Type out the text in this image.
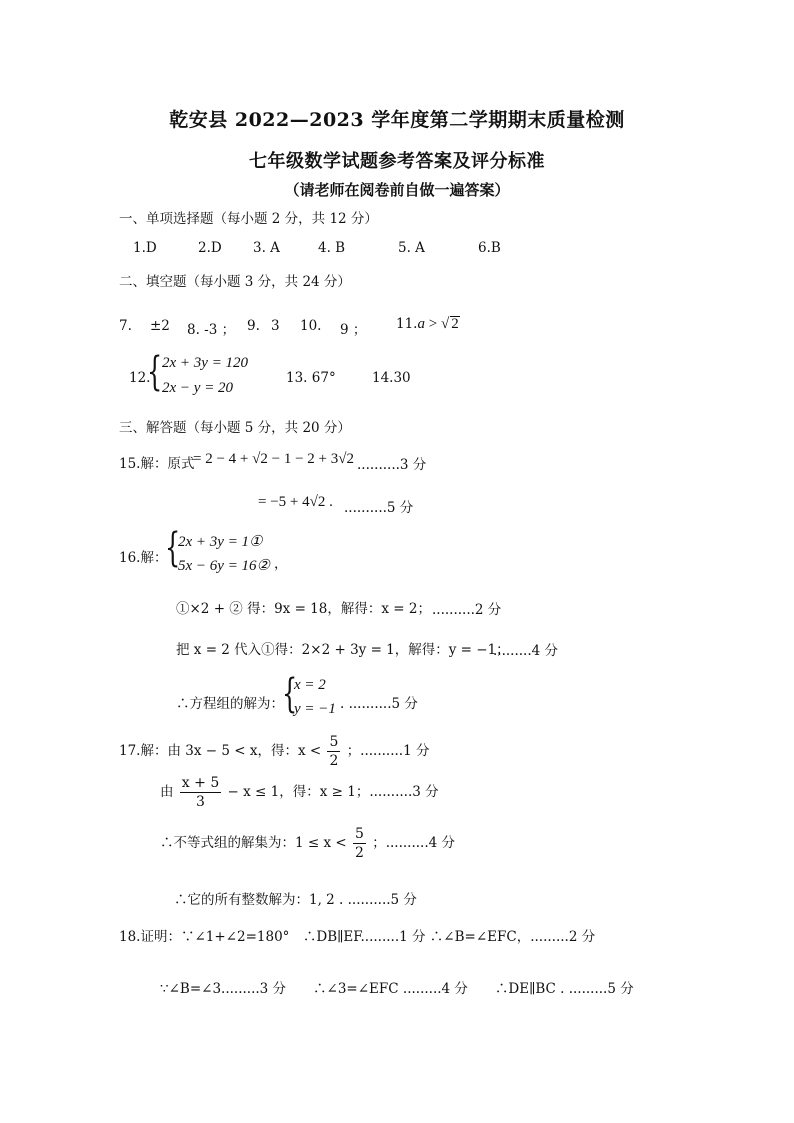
乾安县 2022—2023 学年度第二学期期末质量检测
七年级数学试题参考答案及评分标准
（请老师在阅卷前自做一遍答案）
一、单项选择题（每小题 2 分，共 12 分）
1.D	2.D 3. A	4. B	5. A	6.B
二、填空题（每小题 3 分，共 24 分）
7. ±2 8. -3 ； 9. 3 10. 9 ； 11.a > √ 2
12.
{ 2x + 3y = 120
2x − y = 20
13. 67°	14.30
三、解答题（每小题 5 分，共 20 分）
15.解：原式
= 2 − 4 + √2 − 1 − 2 + 3√2 ..........3 分
= −5 + 4√2 . ..........5 分
16.解：
{
2x + 3y = 1①
5x − 6y = 16② ，
①×2 + ② 得：9x = 18，解得：x = 2； ..........2 分
把 x = 2 代入①得：2×2 + 3y = 1，解得：y = −1；
.........4 分
∴方程组的解为：
{
x = 2
y = −1 . ..........5 分
17.解：由 3x − 5 < x，得：$x < \frac{5}{2}$ ；..........1 分
由 $\frac{x + 5}{3} - x \le 1$，得：x ≥ 1；..........3 分
∴不等式组的解集为：$1 \le x < \frac{5}{2}$ ；..........4 分
∴它的所有整数解为：1, 2 . ..........5 分
18.证明：∵∠1+∠2=180°　∴DB∥EF.........1 分 ∴∠B=∠EFC，.........2 分
∵∠B=∠3.........3 分　　∴∠3=∠EFC .........4 分　　∴DE∥BC . .........5 分
